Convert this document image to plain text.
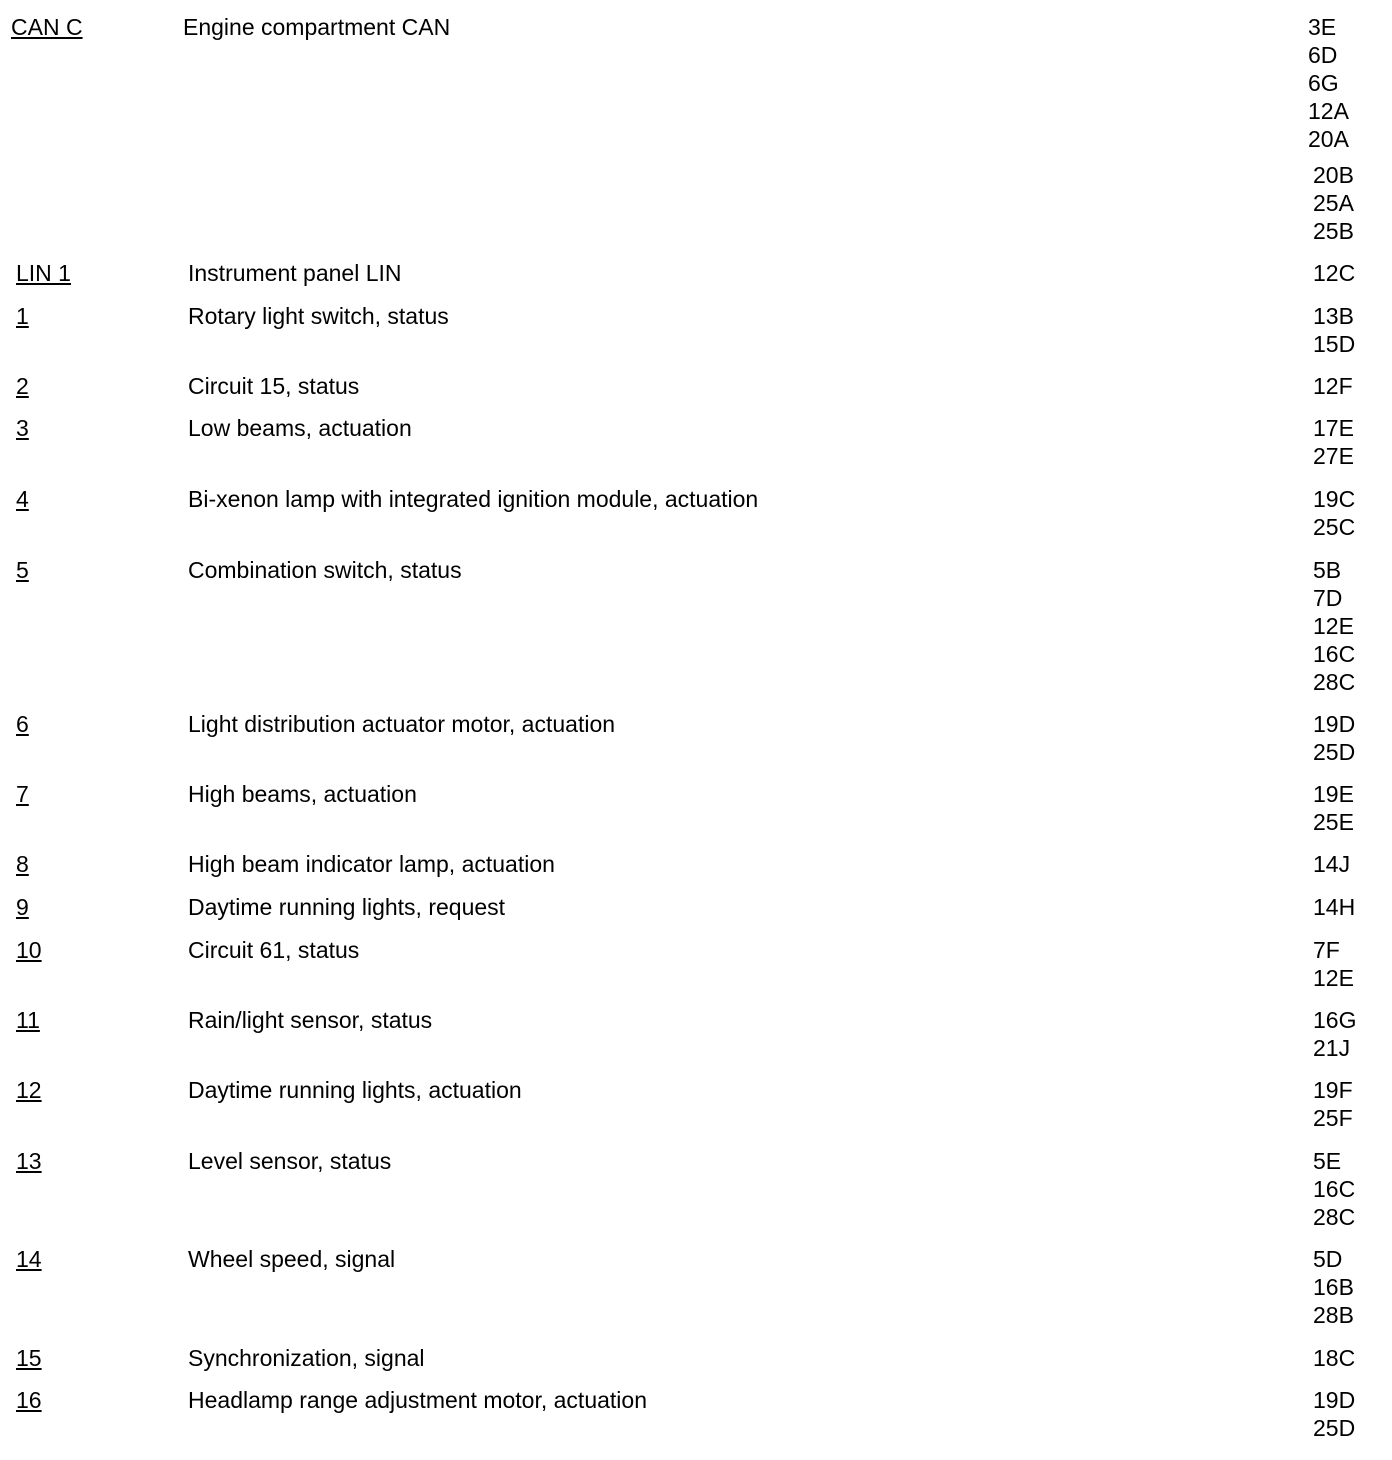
CAN C	Engine compartment CAN	3E
6D
6G
12A
20A
20B
25A
25B
LIN 1	Instrument panel LIN	12C
1	Rotary light switch, status	13B
15D
2	Circuit 15, status	12F
3	Low beams, actuation	17E
27E
4	Bi-xenon lamp with integrated ignition module, actuation	19C
25C
5	Combination switch, status	5B
7D
12E
16C
28C
6	Light distribution actuator motor, actuation	19D
25D
7	High beams, actuation	19E
25E
8	High beam indicator lamp, actuation	14J
9	Daytime running lights, request	14H
10	Circuit 61, status	7F
12E
11	Rain/light sensor, status	16G
21J
12	Daytime running lights, actuation	19F
25F
13	Level sensor, status	5E
16C
28C
14	Wheel speed, signal	5D
16B
28B
15	Synchronization, signal	18C
16	Headlamp range adjustment motor, actuation	19D
25D
